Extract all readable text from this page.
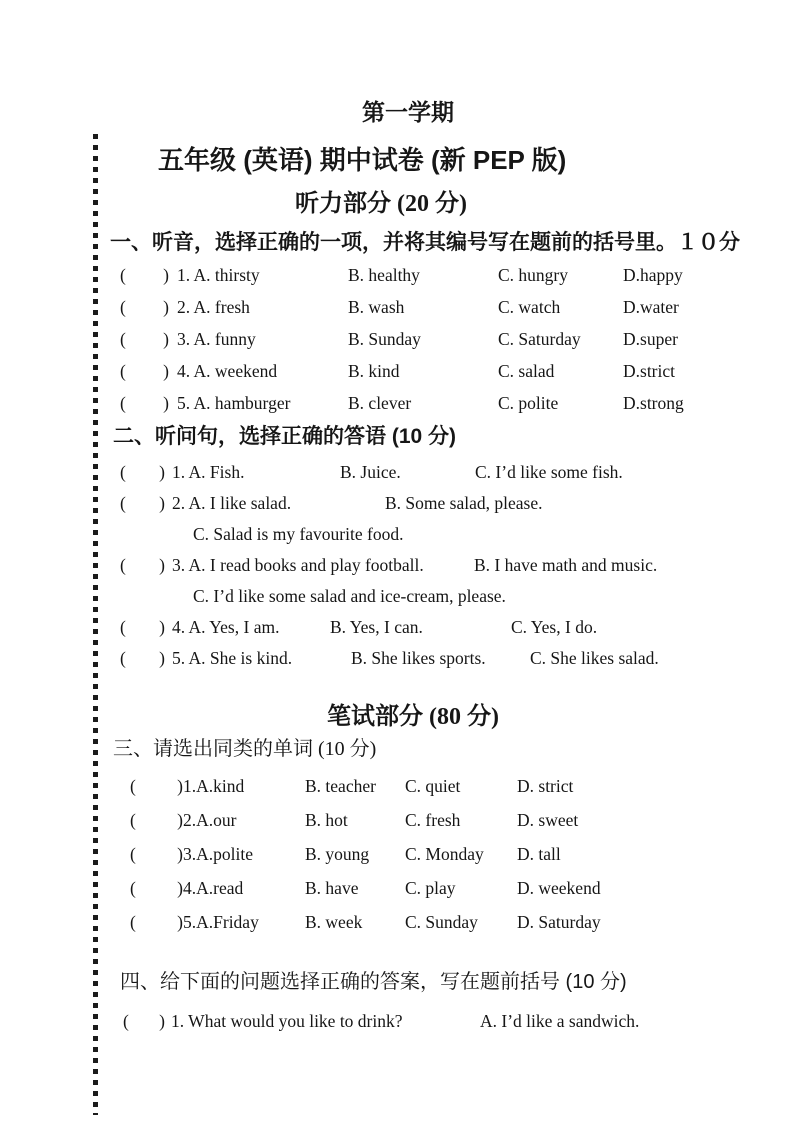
第一学期
五年级 (英语) 期中试卷 (新 PEP 版)
听力部分 (20 分)
一、听音，选择正确的一项，并将其编号写在题前的括号里。１０分
( ) 1. A. thirsty	B. healthy	C. hungry	D.happy
( ) 2. A. fresh	B. wash	C. watch	D.water
( ) 3. A. funny	B. Sunday	C. Saturday	D.super
( ) 4. A. weekend	B. kind	C. salad	D.strict
( ) 5. A. hamburger	B. clever	C. polite	D.strong
二、听问句，选择正确的答语 (10 分)
( ) 1. A. Fish.	B. Juice.	C. I’d like some fish.
( ) 2. A. I like salad.	B. Some salad, please.
C. Salad is my favourite food.
( ) 3. A. I read books and play football.	B. I have math and music.
C. I’d like some salad and ice-cream, please.
( ) 4. A. Yes, I am.	B. Yes, I can.	C. Yes, I do.
( ) 5. A. She is kind.	B. She likes sports.	C. She likes salad.
笔试部分 (80 分)
三、请选出同类的单词 (10 分)
( ) 1.A.kind	B. teacher	C. quiet	D. strict
( ) 2.A.our	B. hot	C. fresh	D. sweet
( ) 3.A.polite	B. young	C. Monday	D. tall
( ) 4.A.read	B. have	C. play	D. weekend
( ) 5.A.Friday	B. week	C. Sunday	D. Saturday
四、给下面的问题选择正确的答案，写在题前括号 (10 分)
( ) 1. What would you like to drink?	A. I’d like a sandwich.
